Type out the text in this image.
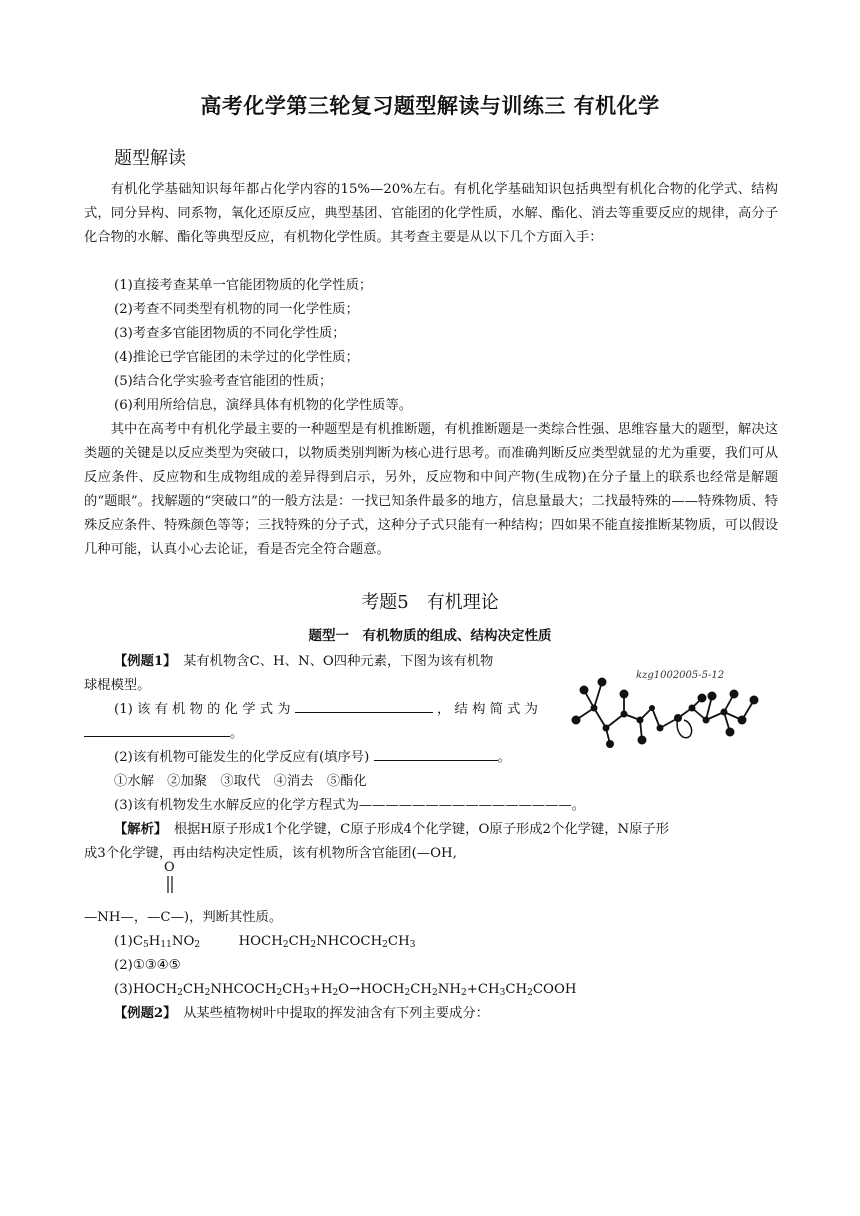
高考化学第三轮复习题型解读与训练三 有机化学
题型解读

有机化学基础知识每年都占化学内容的15%—20%左右。有机化学基础知识包括典型有机化合物的化学式、结构式，同分异构、同系物，氧化还原反应，典型基团、官能团的化学性质，水解、酯化、消去等重要反应的规律，高分子化合物的水解、酯化等典型反应，有机物化学性质。其考查主要是从以下几个方面入手：

(1)直接考查某单一官能团物质的化学性质；
(2)考查不同类型有机物的同一化学性质；
(3)考查多官能团物质的不同化学性质；
(4)推论已学官能团的未学过的化学性质；
(5)结合化学实验考查官能团的性质；
(6)利用所给信息，演绎具体有机物的化学性质等。

其中在高考中有机化学最主要的一种题型是有机推断题，有机推断题是一类综合性强、思维容量大的题型，解决这类题的关键是以反应类型为突破口，以物质类别判断为核心进行思考。而准确判断反应类型就显的尤为重要，我们可从反应条件、反应物和生成物组成的差异得到启示，另外，反应物和中间产物(生成物)在分子量上的联系也经常是解题的“题眼”。找解题的“突破口”的一般方法是：一找已知条件最多的地方，信息量最大；二找最特殊的——特殊物质、特殊反应条件、特殊颜色等等；三找特殊的分子式，这种分子式只能有一种结构；四如果不能直接推断某物质，可以假设几种可能，认真小心去论证，看是否完全符合题意。

考题5　有机理论
题型一　有机物质的组成、结构决定性质
【例题1】　某有机物含C、H、N、O四种元素，下图为该有机物
球棍模型。
(1) 该 有 机 物 的 化 学 式 为	， 结 构 简 式 为
。
(2)该有机物可能发生的化学反应有(填序号)	。
①水解　②加聚　③取代　④消去　⑤酯化
(3)该有机物发生水解反应的化学方程式为————————————————。
kzg1002005-5-12
【解析】　根据H原子形成1个化学键，C原子形成4个化学键，O原子形成2个化学键，N原子形
成3个化学键，再由结构决定性质，该有机物所含官能团(—OH,
O
—NH—，—C—)，判断其性质。
$(1)C_5H_{11}NO_2$	$HOCH_2CH_2NHCOCH_2CH_3$
(2)①③④⑤
$(3)HOCH_2CH_2NHCOCH_2CH_3+H_2O\to HOCH_2CH_2NH_2+CH_3CH_2COOH$
【例题2】　从某些植物树叶中提取的挥发油含有下列主要成分：
